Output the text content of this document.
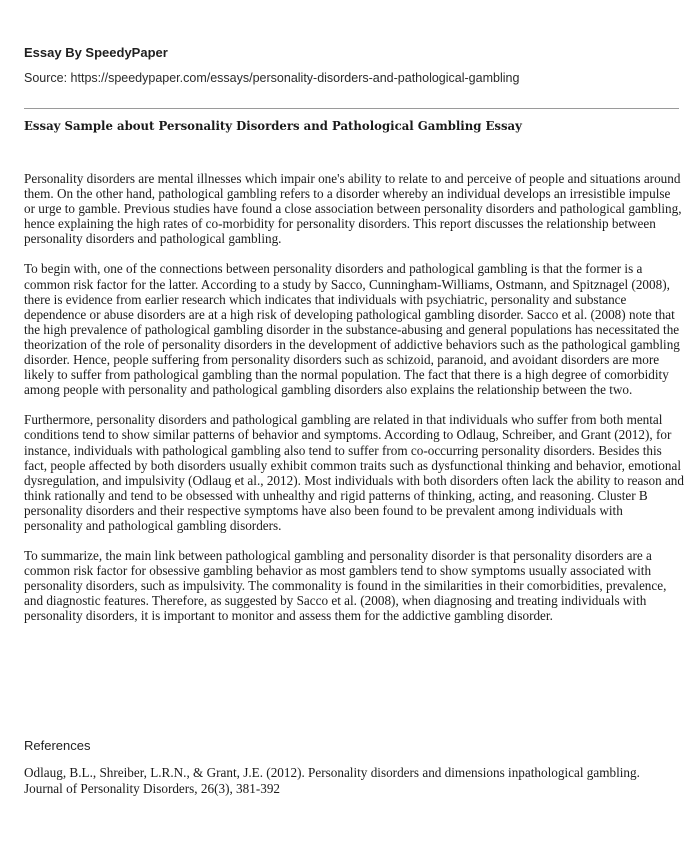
Essay By SpeedyPaper
Source: https://speedypaper.com/essays/personality-disorders-and-pathological-gambling
Essay Sample about Personality Disorders and Pathological Gambling Essay

Personality disorders are mental illnesses which impair one's ability to relate to and perceive of people and situations around them. On the other hand, pathological gambling refers to a disorder whereby an individual develops an irresistible impulse or urge to gamble. Previous studies have found a close association between personality disorders and pathological gambling, hence explaining the high rates of co-morbidity for personality disorders. This report discusses the relationship between personality disorders and pathological gambling.

To begin with, one of the connections between personality disorders and pathological gambling is that the former is a common risk factor for the latter. According to a study by Sacco, Cunningham-Williams, Ostmann, and Spitznagel (2008), there is evidence from earlier research which indicates that individuals with psychiatric, personality and substance dependence or abuse disorders are at a high risk of developing pathological gambling disorder. Sacco et al. (2008) note that the high prevalence of pathological gambling disorder in the substance-abusing and general populations has necessitated the theorization of the role of personality disorders in the development of addictive behaviors such as the pathological gambling disorder. Hence, people suffering from personality disorders such as schizoid, paranoid, and avoidant disorders are more likely to suffer from pathological gambling than the normal population. The fact that there is a high degree of comorbidity among people with personality and pathological gambling disorders also explains the relationship between the two.

Furthermore, personality disorders and pathological gambling are related in that individuals who suffer from both mental conditions tend to show similar patterns of behavior and symptoms. According to Odlaug, Schreiber, and Grant (2012), for instance, individuals with pathological gambling also tend to suffer from co-occurring personality disorders. Besides this fact, people affected by both disorders usually exhibit common traits such as dysfunctional thinking and behavior, emotional dysregulation, and impulsivity (Odlaug et al., 2012). Most individuals with both disorders often lack the ability to reason and think rationally and tend to be obsessed with unhealthy and rigid patterns of thinking, acting, and reasoning. Cluster B personality disorders and their respective symptoms have also been found to be prevalent among individuals with personality and pathological gambling disorders.

To summarize, the main link between pathological gambling and personality disorder is that personality disorders are a common risk factor for obsessive gambling behavior as most gamblers tend to show symptoms usually associated with personality disorders, such as impulsivity. The commonality is found in the similarities in their comorbidities, prevalence, and diagnostic features. Therefore, as suggested by Sacco et al. (2008), when diagnosing and treating individuals with personality disorders, it is important to monitor and assess them for the addictive gambling disorder.

References
Odlaug, B.L., Shreiber, L.R.N., & Grant, J.E. (2012). Personality disorders and dimensions inpathological gambling. Journal of Personality Disorders, 26(3), 381-392
